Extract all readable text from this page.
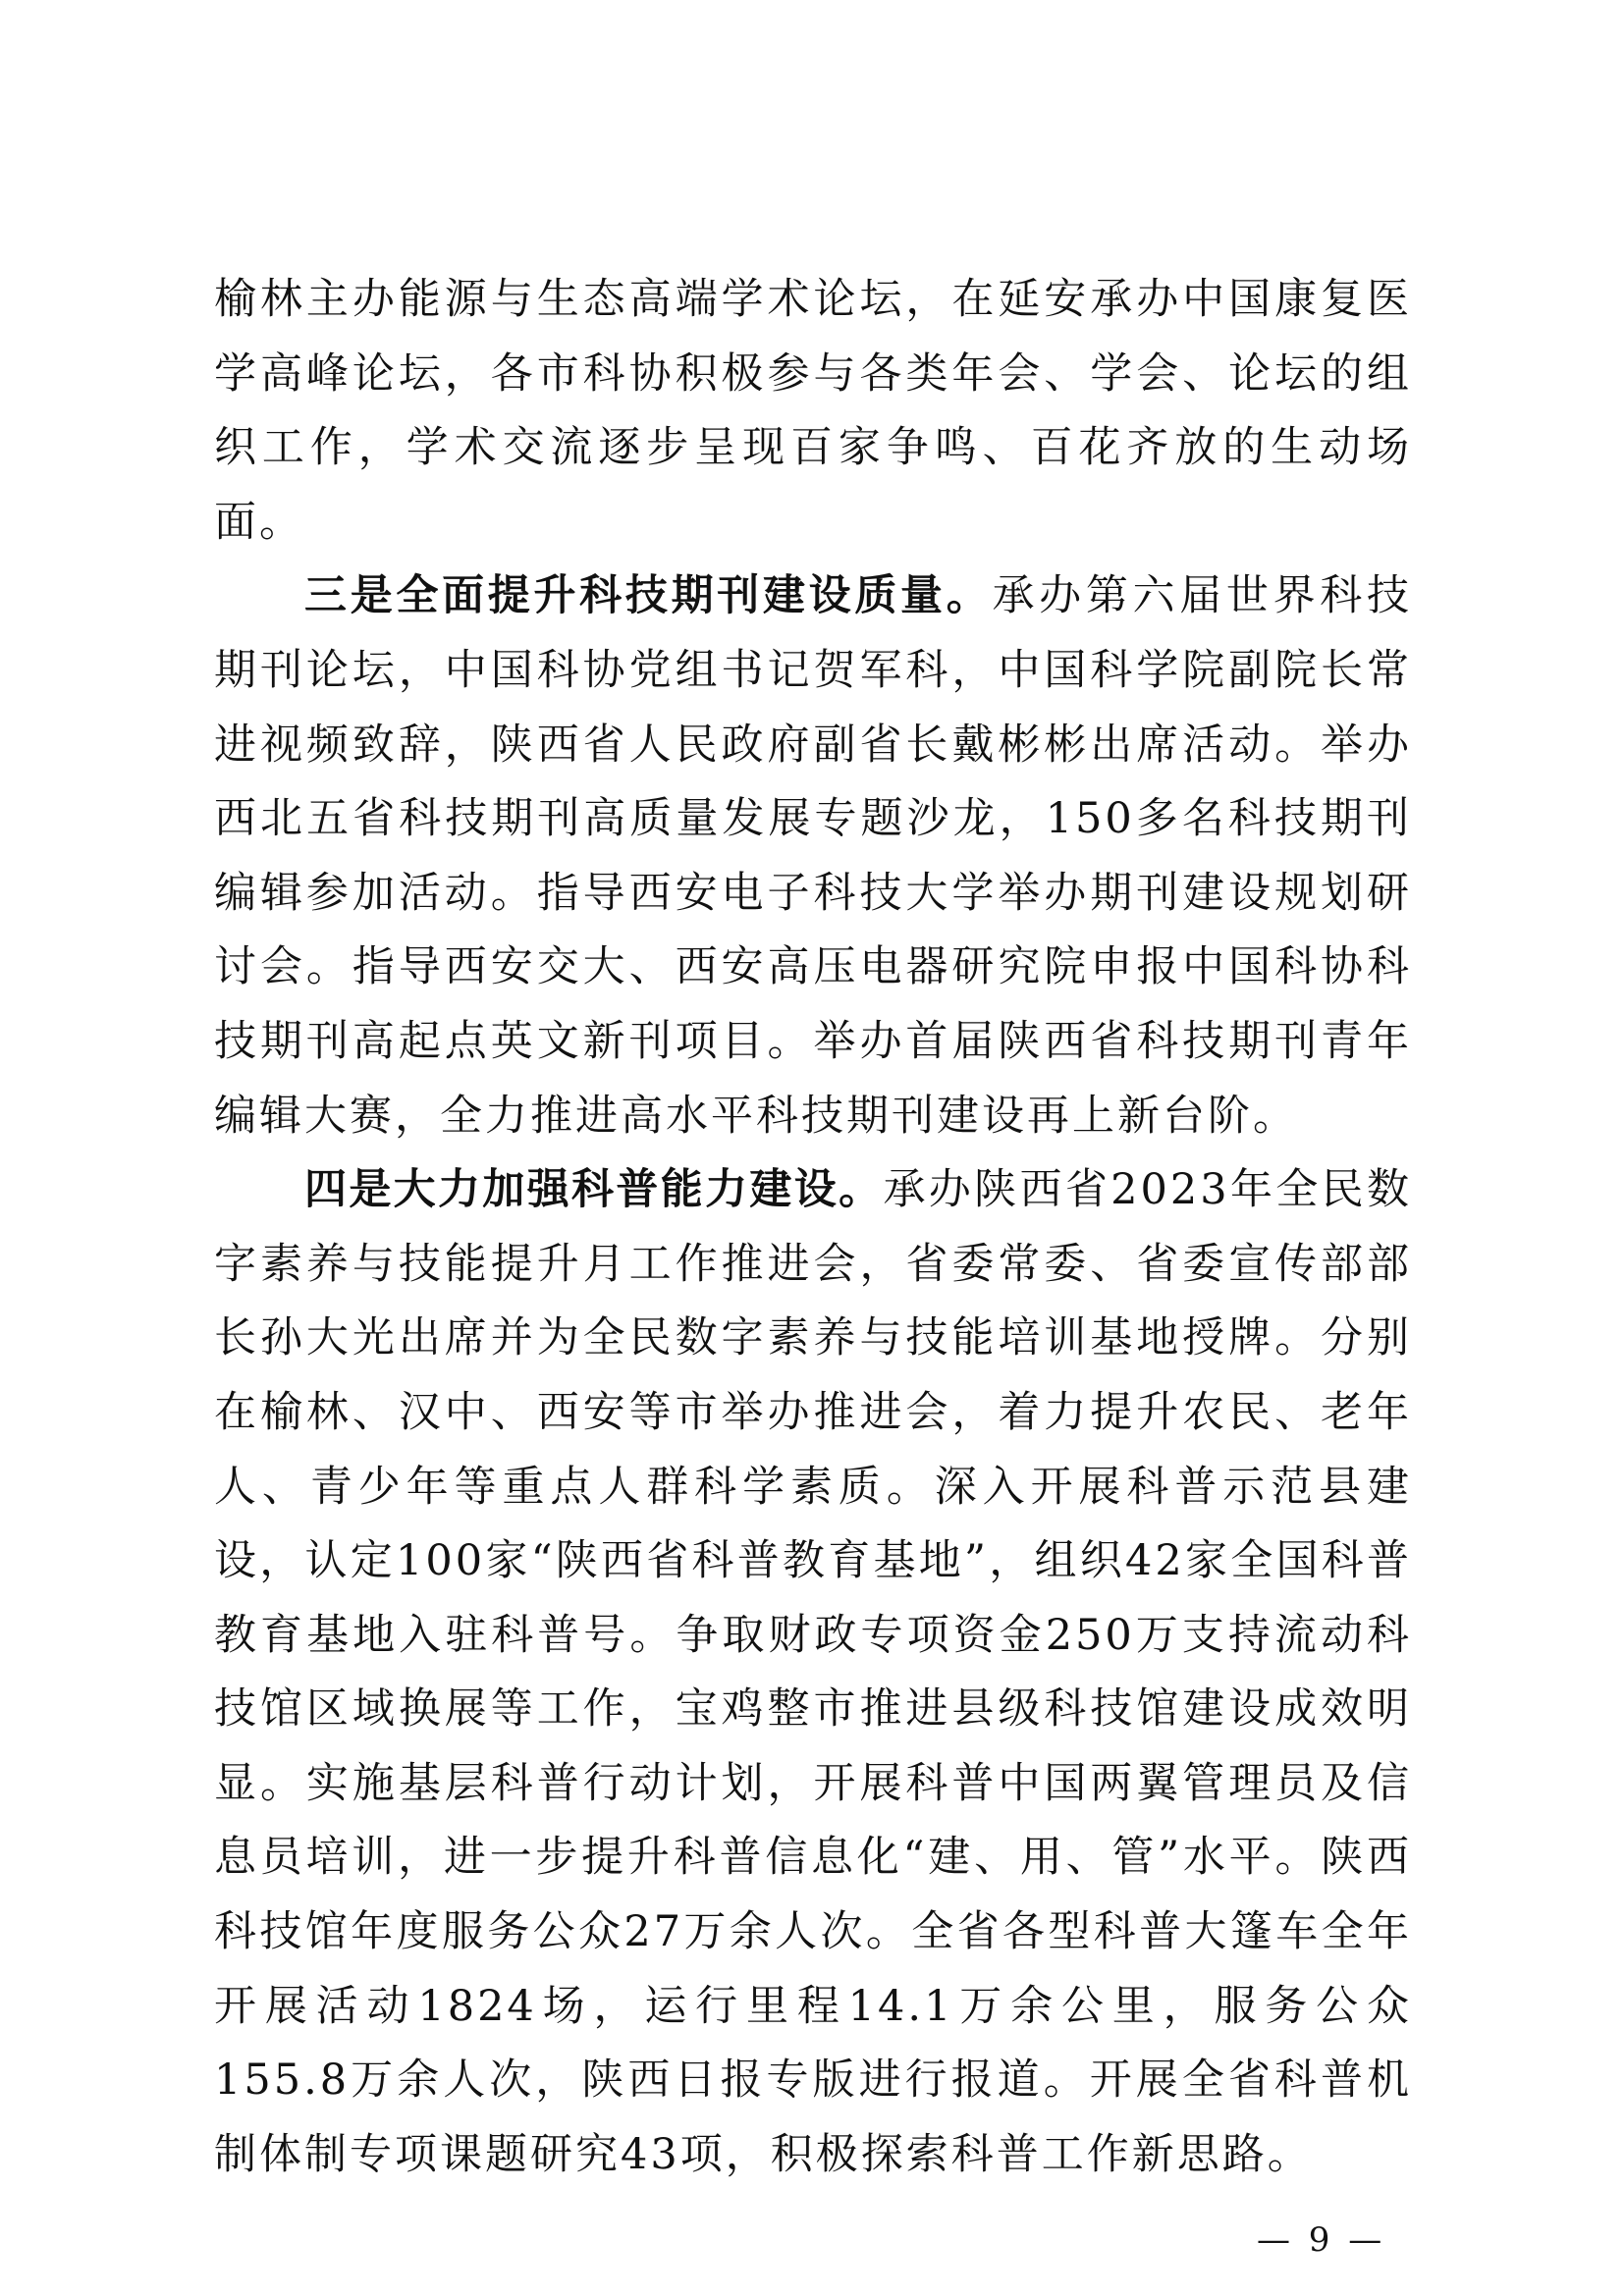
榆林主办能源与生态高端学术论坛，在延安承办中国康复医学高峰论坛，各市科协积极参与各类年会、学会、论坛的组织工作，学术交流逐步呈现百家争鸣、百花齐放的生动场面。

三是全面提升科技期刊建设质量。承办第六届世界科技期刊论坛，中国科协党组书记贺军科，中国科学院副院长常进视频致辞，陕西省人民政府副省长戴彬彬出席活动。举办西北五省科技期刊高质量发展专题沙龙，150多名科技期刊编辑参加活动。指导西安电子科技大学举办期刊建设规划研讨会。指导西安交大、西安高压电器研究院申报中国科协科技期刊高起点英文新刊项目。举办首届陕西省科技期刊青年编辑大赛，全力推进高水平科技期刊建设再上新台阶。

四是大力加强科普能力建设。承办陕西省2023年全民数字素养与技能提升月工作推进会，省委常委、省委宣传部部长孙大光出席并为全民数字素养与技能培训基地授牌。分别在榆林、汉中、西安等市举办推进会，着力提升农民、老年人、青少年等重点人群科学素质。深入开展科普示范县建设，认定100家“陕西省科普教育基地”，组织42家全国科普教育基地入驻科普号。争取财政专项资金250万支持流动科技馆区域换展等工作，宝鸡整市推进县级科技馆建设成效明显。实施基层科普行动计划，开展科普中国两翼管理员及信息员培训，进一步提升科普信息化“建、用、管”水平。陕西科技馆年度服务公众27万余人次。全省各型科普大篷车全年开展活动1824场，运行里程14.1万余公里，服务公众155.8万余人次，陕西日报专版进行报道。开展全省科普机制体制专项课题研究43项，积极探索科普工作新思路。

— 9 —
